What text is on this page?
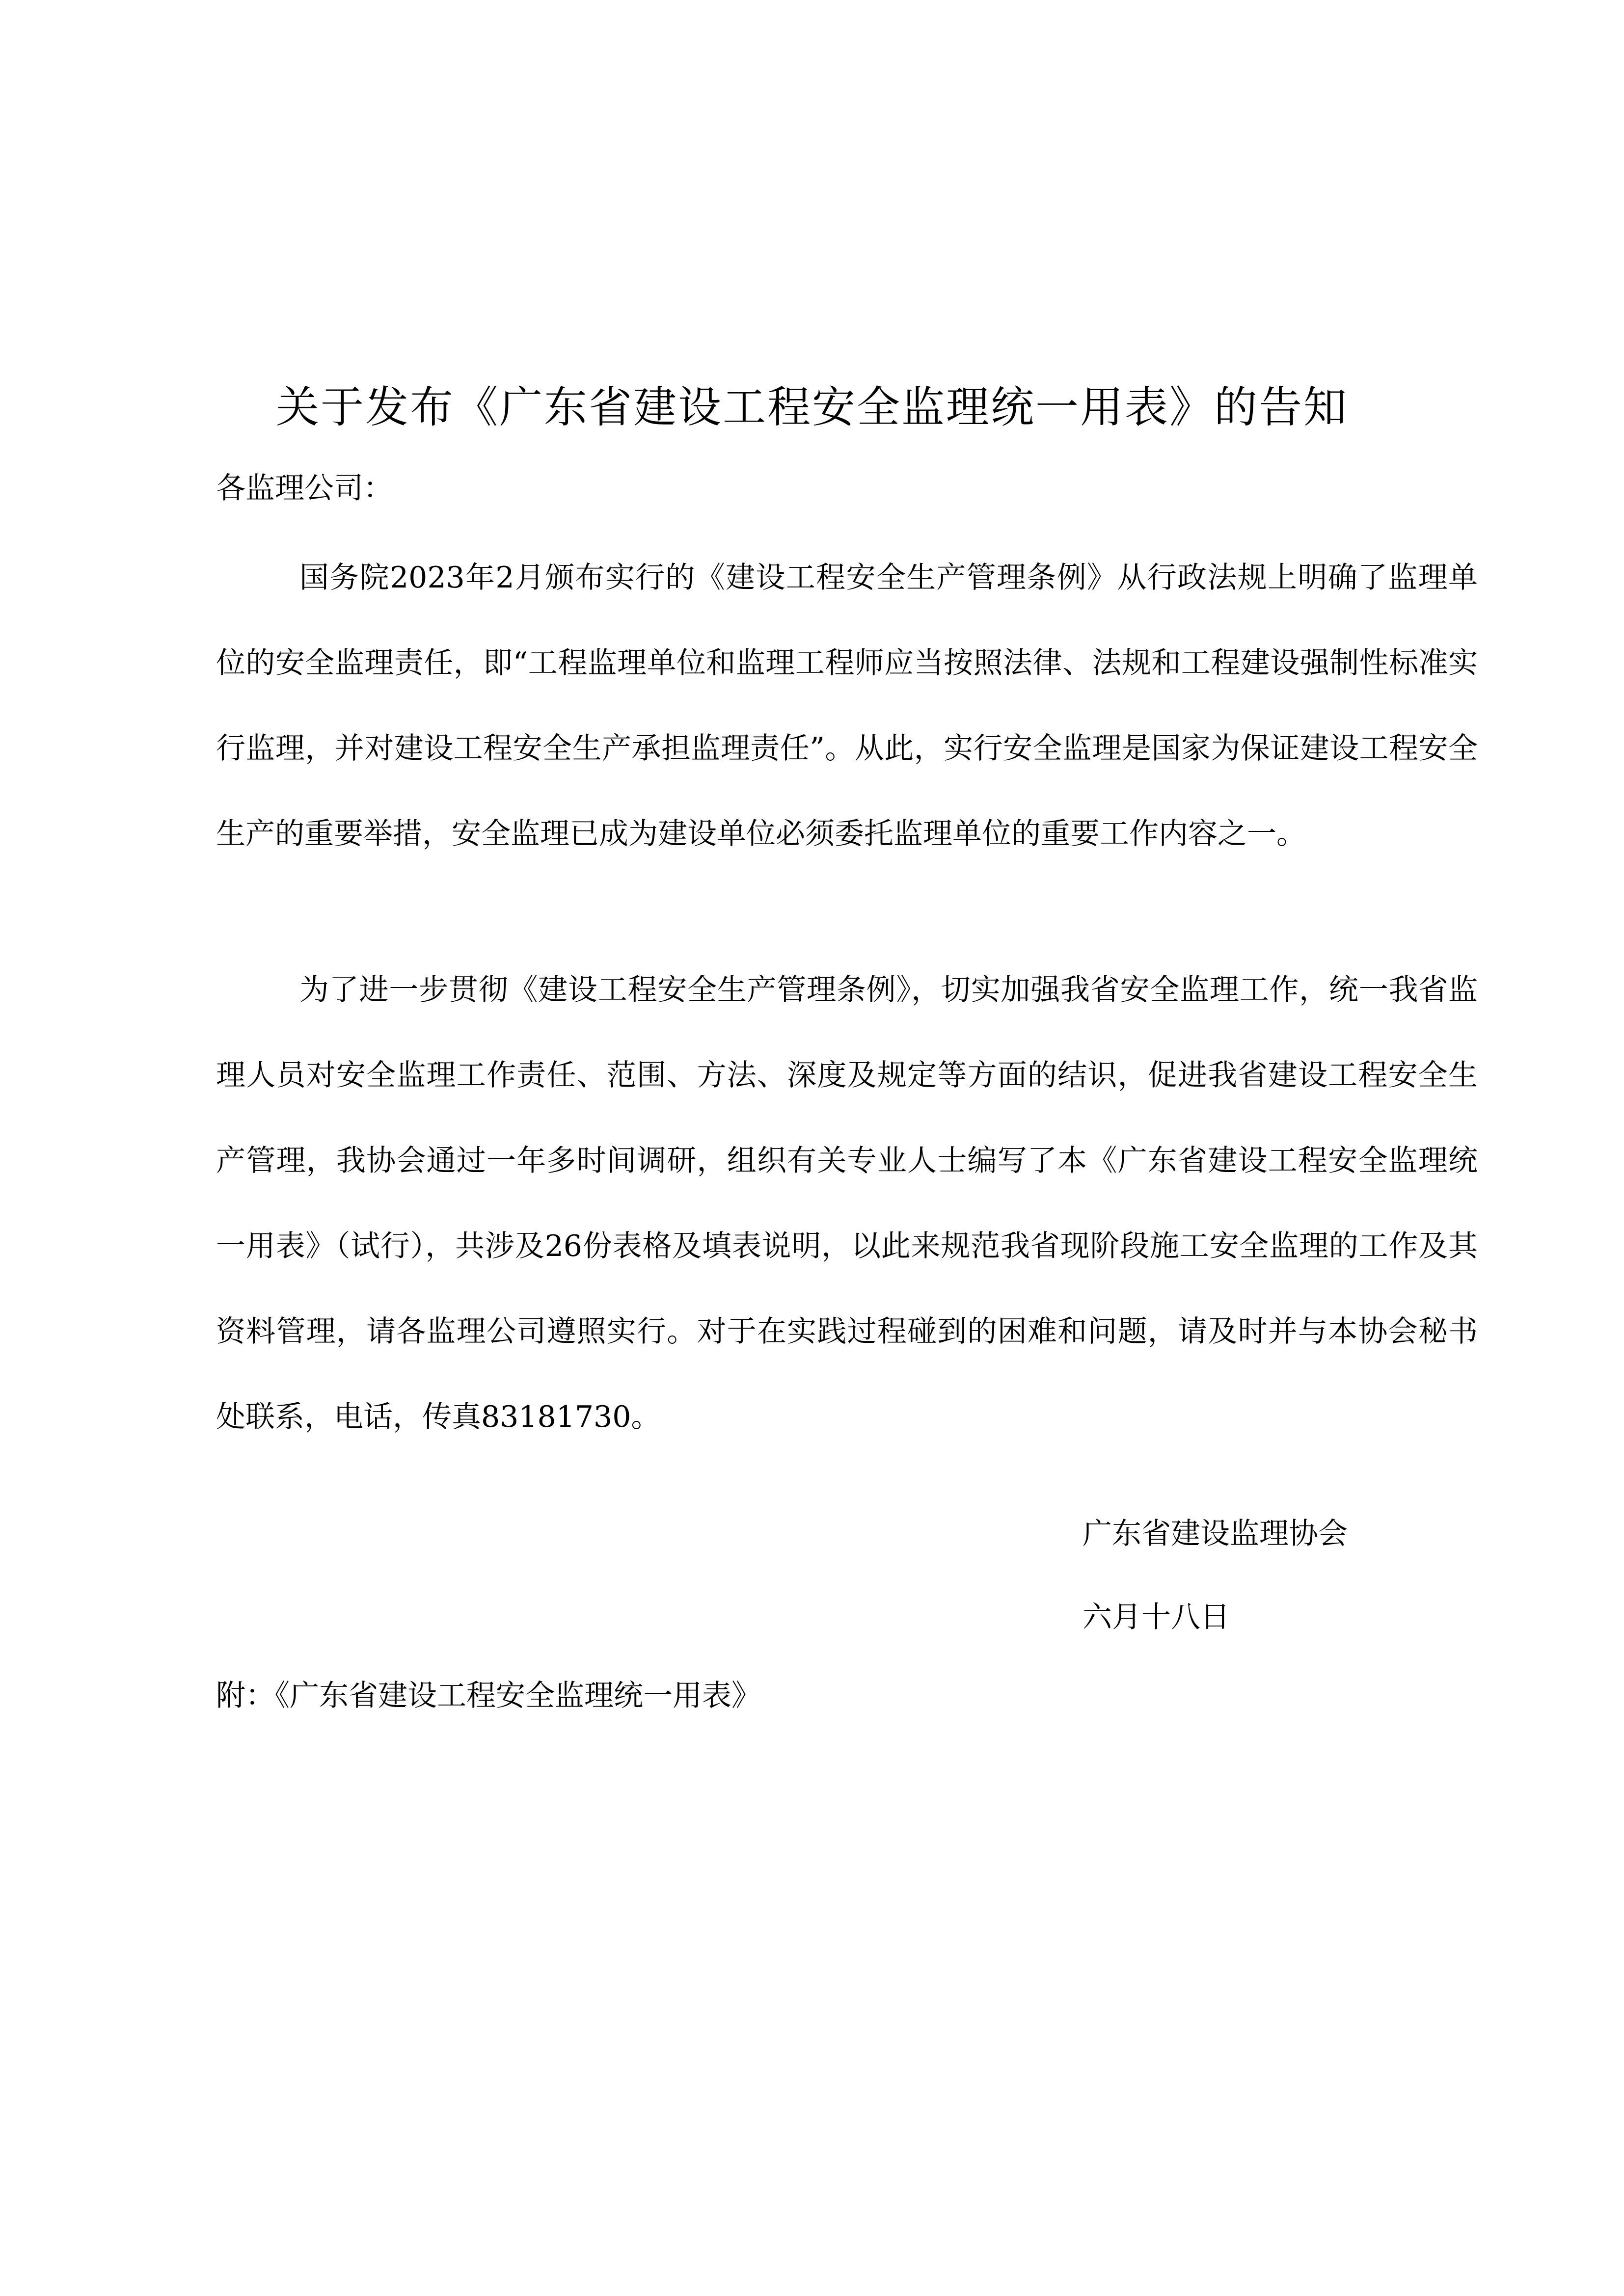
关于发布《广东省建设工程安全监理统一用表》的告知

各监理公司：

国务院2023年2月颁布实行的《建设工程安全生产管理条例》从行政法规上明确了监理单位的安全监理责任，即“工程监理单位和监理工程师应当按照法律、法规和工程建设强制性标准实行监理，并对建设工程安全生产承担监理责任”。从此，实行安全监理是国家为保证建设工程安全生产的重要举措，安全监理已成为建设单位必须委托监理单位的重要工作内容之一。

为了进一步贯彻《建设工程安全生产管理条例》，切实加强我省安全监理工作，统一我省监理人员对安全监理工作责任、范围、方法、深度及规定等方面的结识，促进我省建设工程安全生产管理，我协会通过一年多时间调研，组织有关专业人士编写了本《广东省建设工程安全监理统一用表》（试行），共涉及26份表格及填表说明，以此来规范我省现阶段施工安全监理的工作及其资料管理，请各监理公司遵照实行。对于在实践过程碰到的困难和问题，请及时并与本协会秘书处联系，电话，传真83181730。

广东省建设监理协会

六月十八日

附：《广东省建设工程安全监理统一用表》
